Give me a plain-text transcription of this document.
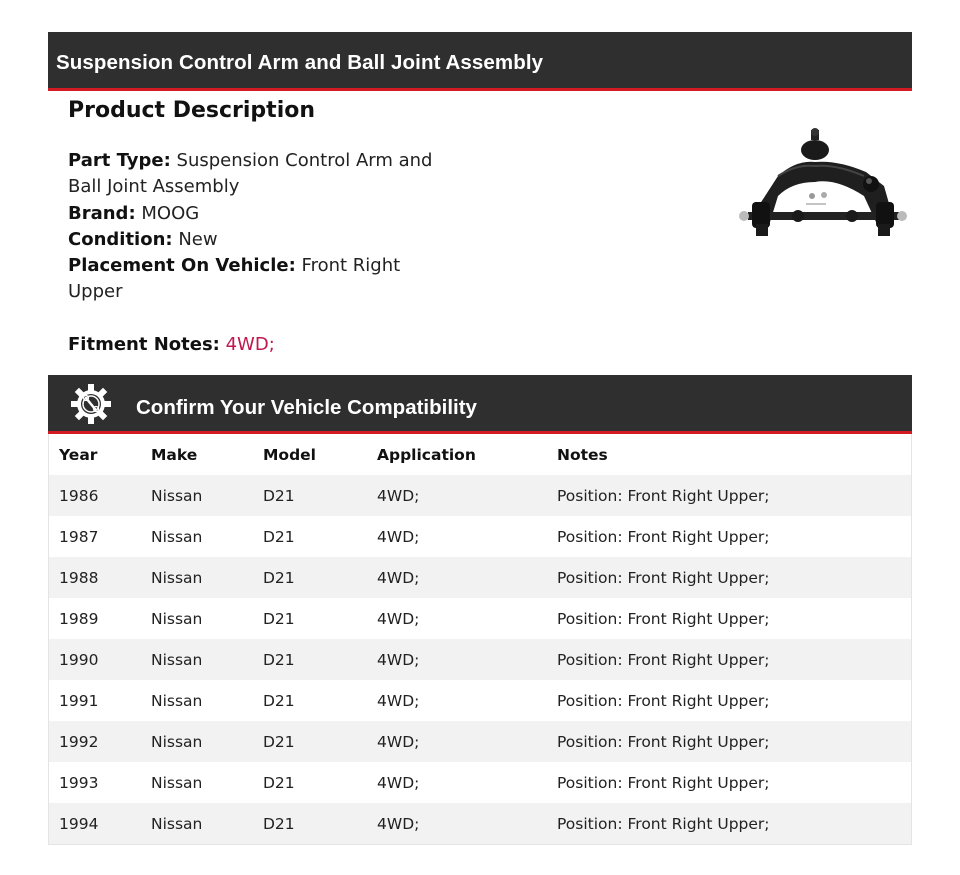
Suspension Control Arm and Ball Joint Assembly
Product Description
Part Type: Suspension Control Arm and Ball Joint Assembly
Brand: MOOG
Condition: New
Placement On Vehicle: Front Right Upper
Fitment Notes: 4WD;
Confirm Your Vehicle Compatibility
Year	Make	Model	Application	Notes
1986	Nissan	D21	4WD;	Position: Front Right Upper;
1987	Nissan	D21	4WD;	Position: Front Right Upper;
1988	Nissan	D21	4WD;	Position: Front Right Upper;
1989	Nissan	D21	4WD;	Position: Front Right Upper;
1990	Nissan	D21	4WD;	Position: Front Right Upper;
1991	Nissan	D21	4WD;	Position: Front Right Upper;
1992	Nissan	D21	4WD;	Position: Front Right Upper;
1993	Nissan	D21	4WD;	Position: Front Right Upper;
1994	Nissan	D21	4WD;	Position: Front Right Upper;
